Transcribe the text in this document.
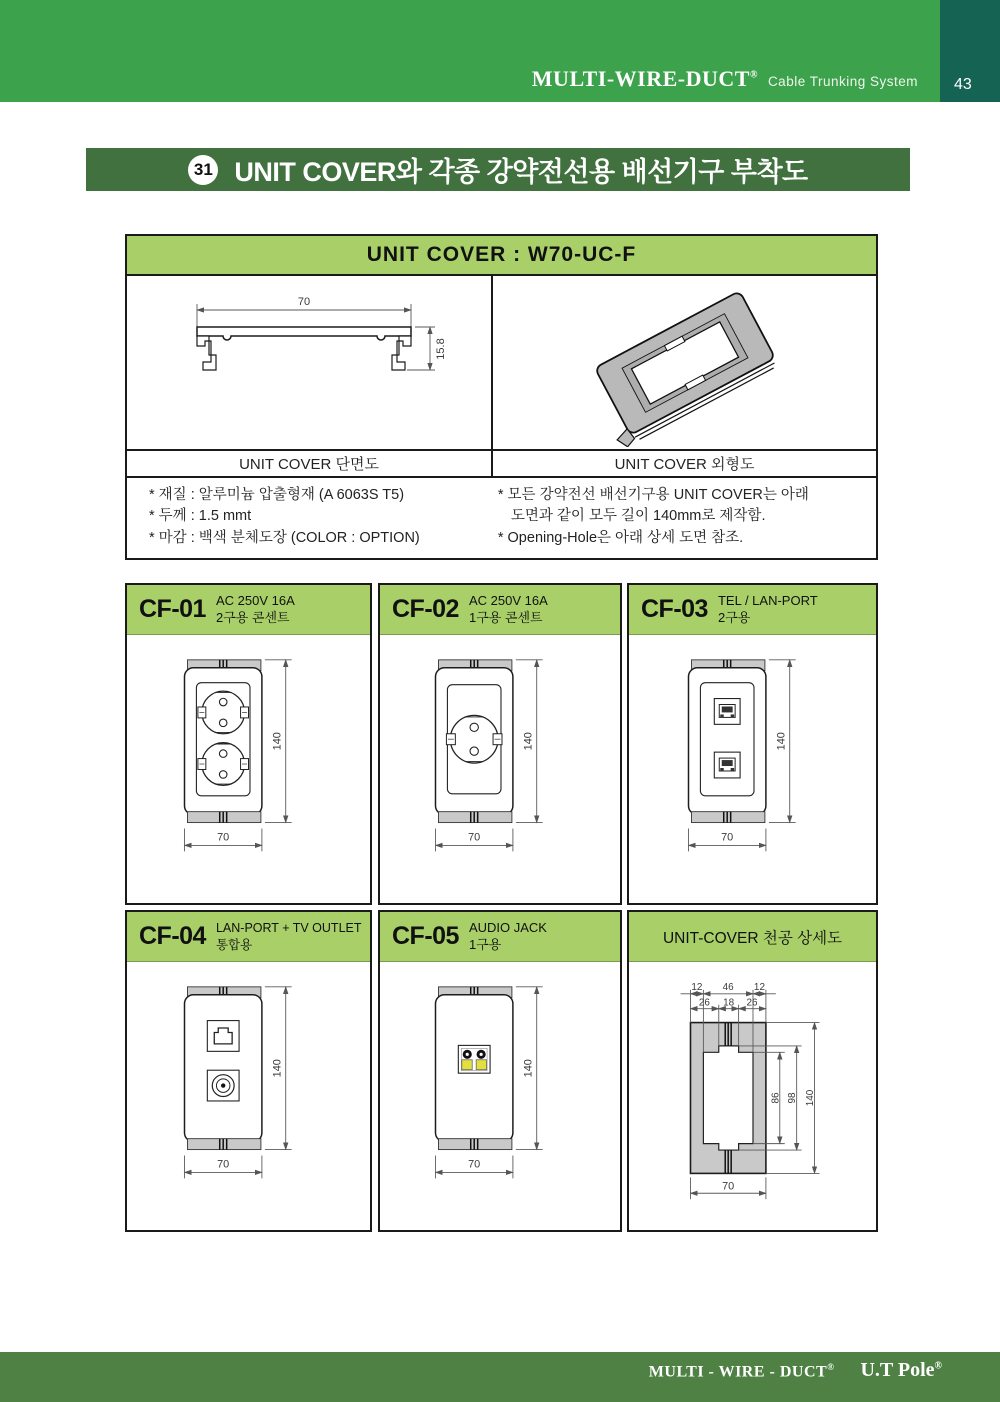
MULTI-WIRE-DUCT® Cable Trunking System 43
31 UNIT COVER와 각종 강약전선용 배선기구 부착도
UNIT COVER : W70-UC-F
70
15.8
UNIT COVER 단면도	UNIT COVER 외형도
* 재질 : 알루미늄 압출형재 (A 6063S T5)
* 두께 : 1.5 mmt
* 마감 : 백색 분체도장 (COLOR : OPTION)
* 모든 강약전선 배선기구용 UNIT COVER는 아래
도면과 같이 모두 길이 140mm로 제작함.
* Opening-Hole은 아래 상세 도면 참조.
CF-01 AC 250V 16A
2구용 콘센트
140
70
CF-02 AC 250V 16A
1구용 콘센트
140
70
CF-03 TEL / LAN-PORT
2구용
140
70
CF-04 LAN-PORT + TV OUTLET
통합용
140
70
CF-05 AUDIO JACK
1구용
140
70
UNIT-COVER 천공 상세도
12 46 12
26 18 26
86 98 140
70
MULTI - WIRE - DUCT® U.T Pole®
